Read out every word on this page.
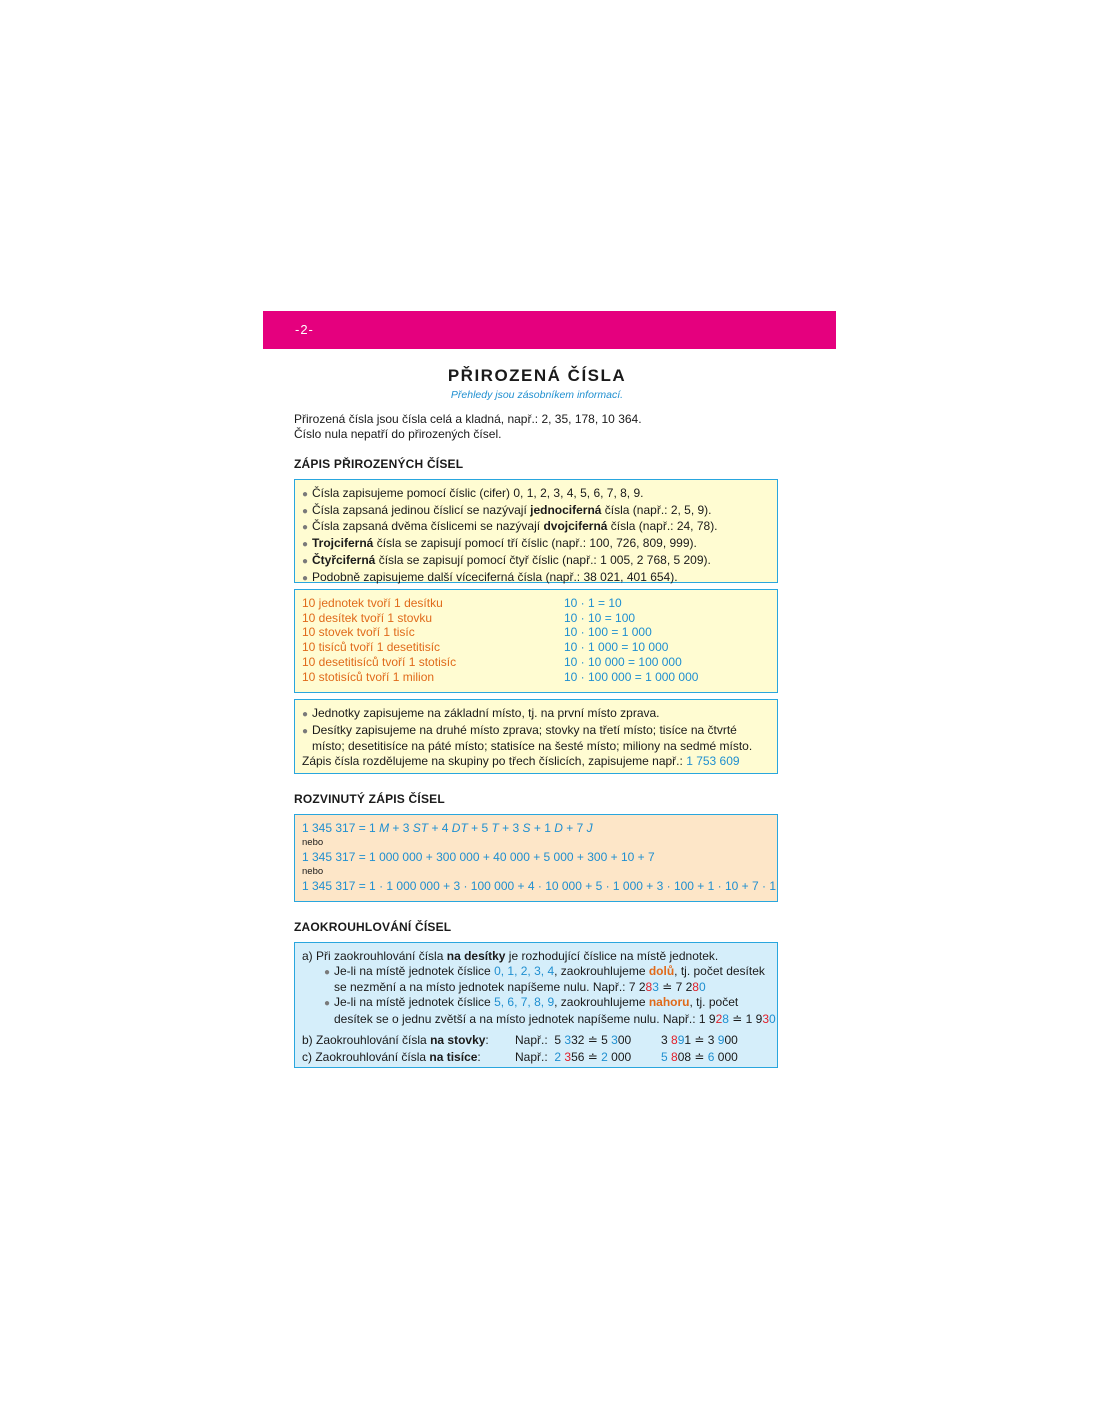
-2-
PŘIROZENÁ ČÍSLA
Přehledy jsou zásobníkem informací.
Přirozená čísla jsou čísla celá a kladná, např.: 2, 35, 178, 10 364.
Číslo nula nepatří do přirozených čísel.
ZÁPIS PŘIROZENÝCH ČÍSEL
● Čísla zapisujeme pomocí číslic (cifer) 0, 1, 2, 3, 4, 5, 6, 7, 8, 9.
● Čísla zapsaná jedinou číslicí se nazývají jednociferná čísla (např.: 2, 5, 9).
● Čísla zapsaná dvěma číslicemi se nazývají dvojciferná čísla (např.: 24, 78).
● Trojciferná čísla se zapisují pomocí tří číslic (např.: 100, 726, 809, 999).
● Čtyřciferná čísla se zapisují pomocí čtyř číslic (např.: 1 005, 2 768, 5 209).
● Podobně zapisujeme další víceciferná čísla (např.: 38 021, 401 654).
10 jednotek tvoří 1 desítku	10 · 1 = 10
10 desítek tvoří 1 stovku	10 · 10 = 100
10 stovek tvoří 1 tisíc	10 · 100 = 1 000
10 tisíců tvoří 1 desetitisíc	10 · 1 000 = 10 000
10 desetitisíců tvoří 1 stotisíc	10 · 10 000 = 100 000
10 stotisíců tvoří 1 milion	10 · 100 000 = 1 000 000
● Jednotky zapisujeme na základní místo, tj. na první místo zprava.
● Desítky zapisujeme na druhé místo zprava; stovky na třetí místo; tisíce na čtvrté
místo; desetitisíce na páté místo; statisíce na šesté místo; miliony na sedmé místo.
Zápis čísla rozdělujeme na skupiny po třech číslicích, zapisujeme např.: 1 753 609
ROZVINUTÝ ZÁPIS ČÍSEL
1 345 317 = 1 M + 3 ST + 4 DT + 5 T + 3 S + 1 D + 7 J
nebo
1 345 317 = 1 000 000 + 300 000 + 40 000 + 5 000 + 300 + 10 + 7
nebo
1 345 317 = 1 · 1 000 000 + 3 · 100 000 + 4 · 10 000 + 5 · 1 000 + 3 · 100 + 1 · 10 + 7 · 1
ZAOKROUHLOVÁNÍ ČÍSEL
a) Při zaokrouhlování čísla na desítky je rozhodující číslice na místě jednotek.
● Je-li na místě jednotek číslice 0, 1, 2, 3, 4, zaokrouhlujeme dolů, tj. počet desítek
se nezmění a na místo jednotek napíšeme nulu. Např.: 7 283 ≐ 7 280
● Je-li na místě jednotek číslice 5, 6, 7, 8, 9, zaokrouhlujeme nahoru, tj. počet
desítek se o jednu zvětší a na místo jednotek napíšeme nulu. Např.: 1 928 ≐ 1 930
b) Zaokrouhlování čísla na stovky:	Např.: 5 332 ≐ 5 300	3 891 ≐ 3 900
c) Zaokrouhlování čísla na tisíce:	Např.: 2 356 ≐ 2 000	5 808 ≐ 6 000
